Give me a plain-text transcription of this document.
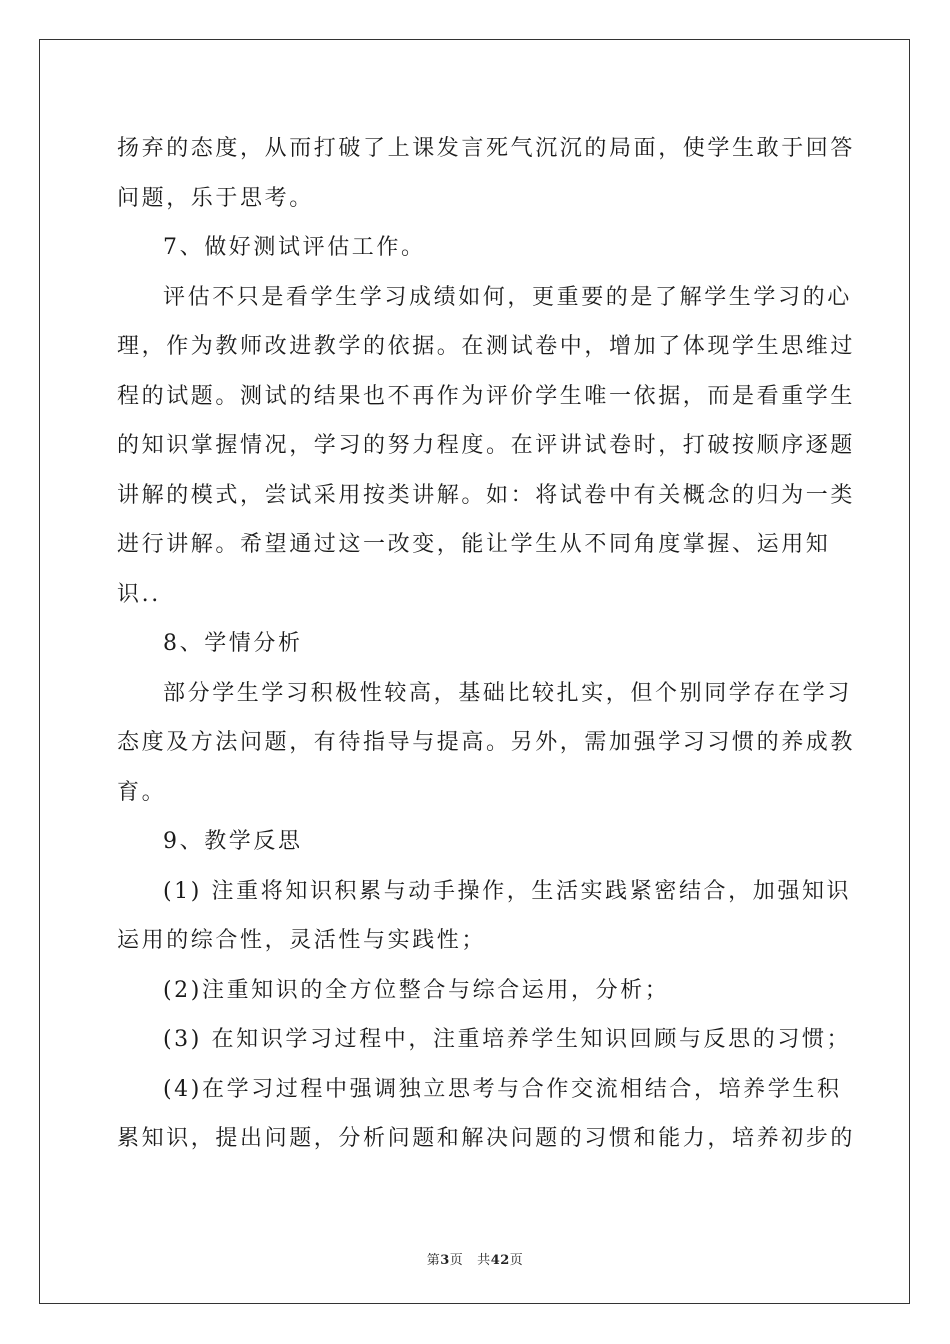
扬弃的态度，从而打破了上课发言死气沉沉的局面，使学生敢于回答

问题，乐于思考。

7、做好测试评估工作。

评估不只是看学生学习成绩如何，更重要的是了解学生学习的心

理，作为教师改进教学的依据。在测试卷中，增加了体现学生思维过

程的试题。测试的结果也不再作为评价学生唯一依据，而是看重学生

的知识掌握情况，学习的努力程度。在评讲试卷时，打破按顺序逐题

讲解的模式，尝试采用按类讲解。如：将试卷中有关概念的归为一类

进行讲解。希望通过这一改变，能让学生从不同角度掌握、运用知

识..

8、学情分析

部分学生学习积极性较高，基础比较扎实，但个别同学存在学习

态度及方法问题，有待指导与提高。另外，需加强学习习惯的养成教

育。

9、教学反思

(1) 注重将知识积累与动手操作，生活实践紧密结合，加强知识

运用的综合性，灵活性与实践性；

(2)注重知识的全方位整合与综合运用，分析；

(3) 在知识学习过程中，注重培养学生知识回顾与反思的习惯；

(4)在学习过程中强调独立思考与合作交流相结合，培养学生积

累知识，提出问题，分析问题和解决问题的习惯和能力，培养初步的

第3页 共42页
